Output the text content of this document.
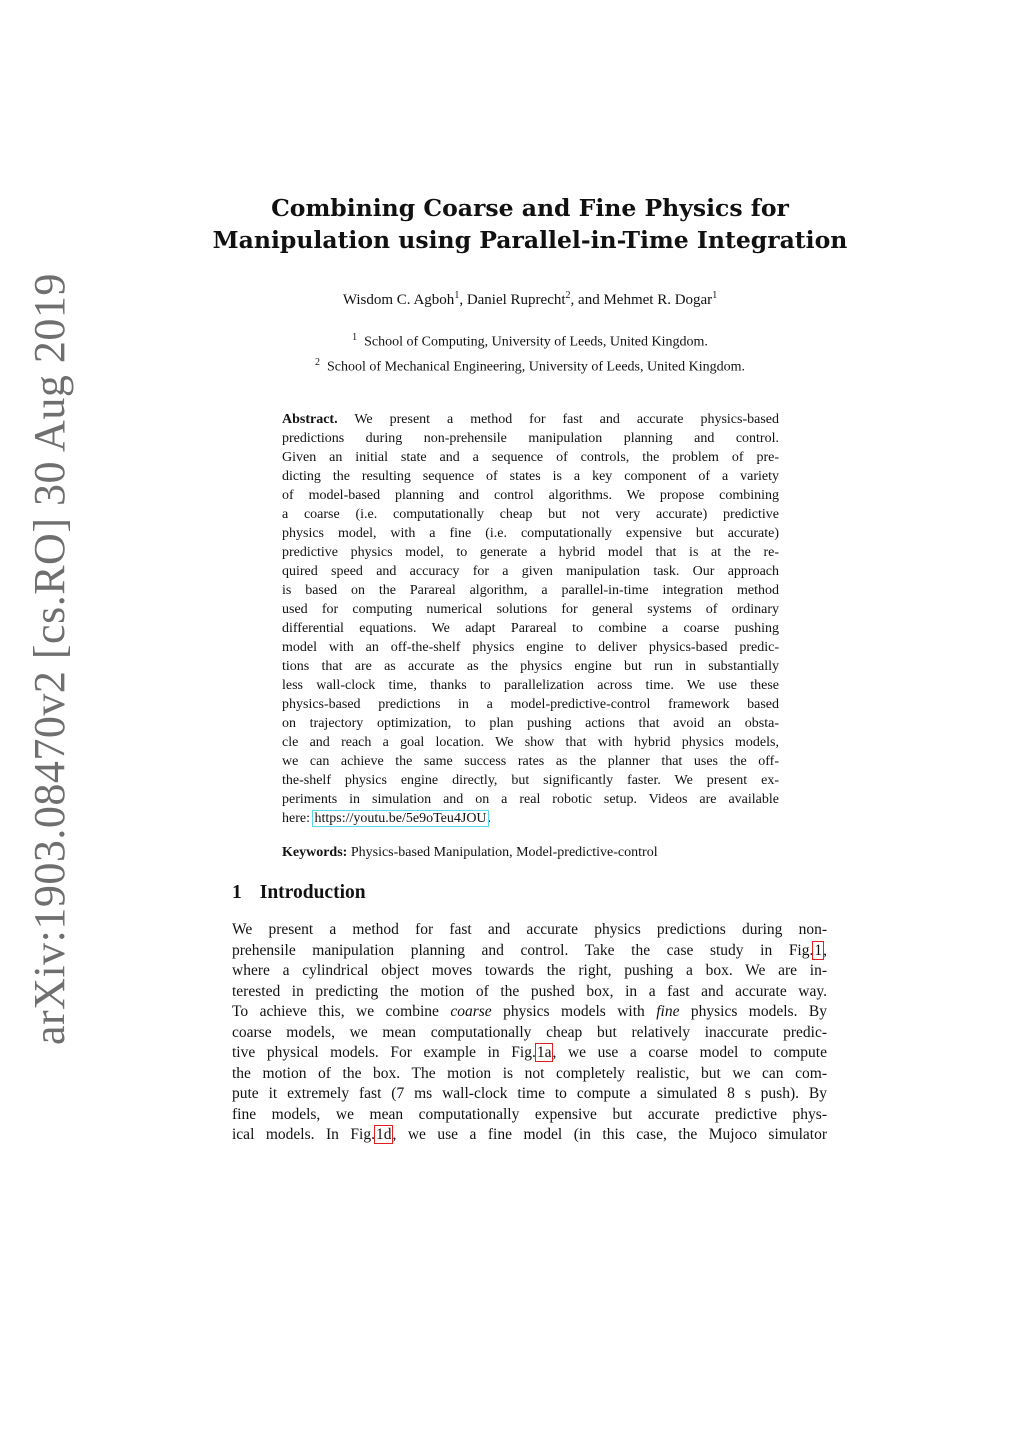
arXiv:1903.08470v2 [cs.RO] 30 Aug 2019
Combining Coarse and Fine Physics for
Manipulation using Parallel-in-Time Integration
Wisdom C. Agboh$^1$, Daniel Ruprecht$^2$, and Mehmet R. Dogar$^1$
$^1$ School of Computing, University of Leeds, United Kingdom.
$^2$ School of Mechanical Engineering, University of Leeds, United Kingdom.
Abstract. We present a method for fast and accurate physics-based
predictions during non-prehensile manipulation planning and control.
Given an initial state and a sequence of controls, the problem of pre-
dicting the resulting sequence of states is a key component of a variety
of model-based planning and control algorithms. We propose combining
a coarse (i.e. computationally cheap but not very accurate) predictive
physics model, with a fine (i.e. computationally expensive but accurate)
predictive physics model, to generate a hybrid model that is at the re-
quired speed and accuracy for a given manipulation task. Our approach
is based on the Parareal algorithm, a parallel-in-time integration method
used for computing numerical solutions for general systems of ordinary
differential equations. We adapt Parareal to combine a coarse pushing
model with an off-the-shelf physics engine to deliver physics-based predic-
tions that are as accurate as the physics engine but run in substantially
less wall-clock time, thanks to parallelization across time. We use these
physics-based predictions in a model-predictive-control framework based
on trajectory optimization, to plan pushing actions that avoid an obsta-
cle and reach a goal location. We show that with hybrid physics models,
we can achieve the same success rates as the planner that uses the off-
the-shelf physics engine directly, but significantly faster. We present ex-
periments in simulation and on a real robotic setup. Videos are available
here: https://youtu.be/5e9oTeu4JOU.
Keywords: Physics-based Manipulation, Model-predictive-control
1 Introduction
We present a method for fast and accurate physics predictions during non-
prehensile manipulation planning and control. Take the case study in Fig.1,
where a cylindrical object moves towards the right, pushing a box. We are in-
terested in predicting the motion of the pushed box, in a fast and accurate way.
To achieve this, we combine coarse physics models with fine physics models. By
coarse models, we mean computationally cheap but relatively inaccurate predic-
tive physical models. For example in Fig.1a, we use a coarse model to compute
the motion of the box. The motion is not completely realistic, but we can com-
pute it extremely fast (7 ms wall-clock time to compute a simulated 8 s push). By
fine models, we mean computationally expensive but accurate predictive phys-
ical models. In Fig.1d, we use a fine model (in this case, the Mujoco simulator
